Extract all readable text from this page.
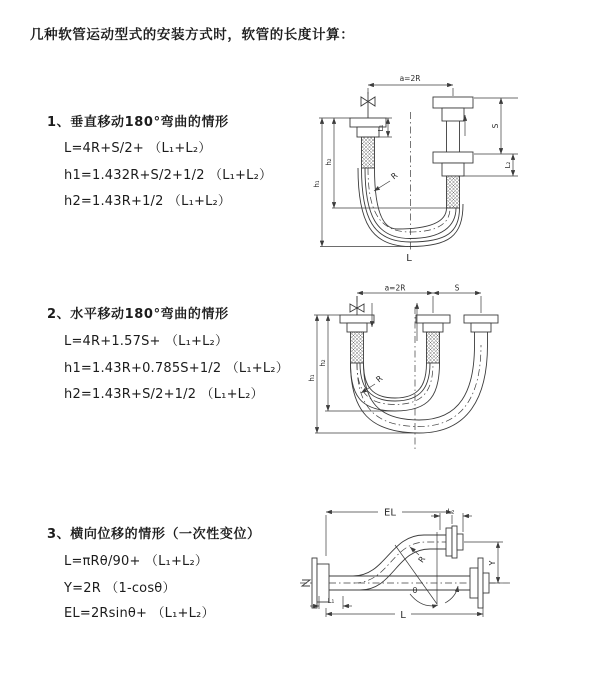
几种软管运动型式的安装方式时，软管的长度计算：
1、垂直移动180°弯曲的情形
L=4R+S/2+ （L₁+L₂）
h1=1.432R+S/2+1/2 （L₁+L₂）
h2=1.43R+1/2 （L₁+L₂）
a=2R
L₁	S
L₂
h₂
h₁
R
L
2、水平移动180°弯曲的情形
L=4R+1.57S+ （L₁+L₂）
h1=1.43R+0.785S+1/2 （L₁+L₂）
h2=1.43R+S/2+1/2 （L₁+L₂）
a=2R	S
h₂
h₁	R
3、横向位移的情形（一次性变位）
L=πRθ/90+ （L₁+L₂）
Y=2R （1-cosθ）
EL=2Rsinθ+ （L₁+L₂）
θ
R
EL	L₂
Y
L₁
L
